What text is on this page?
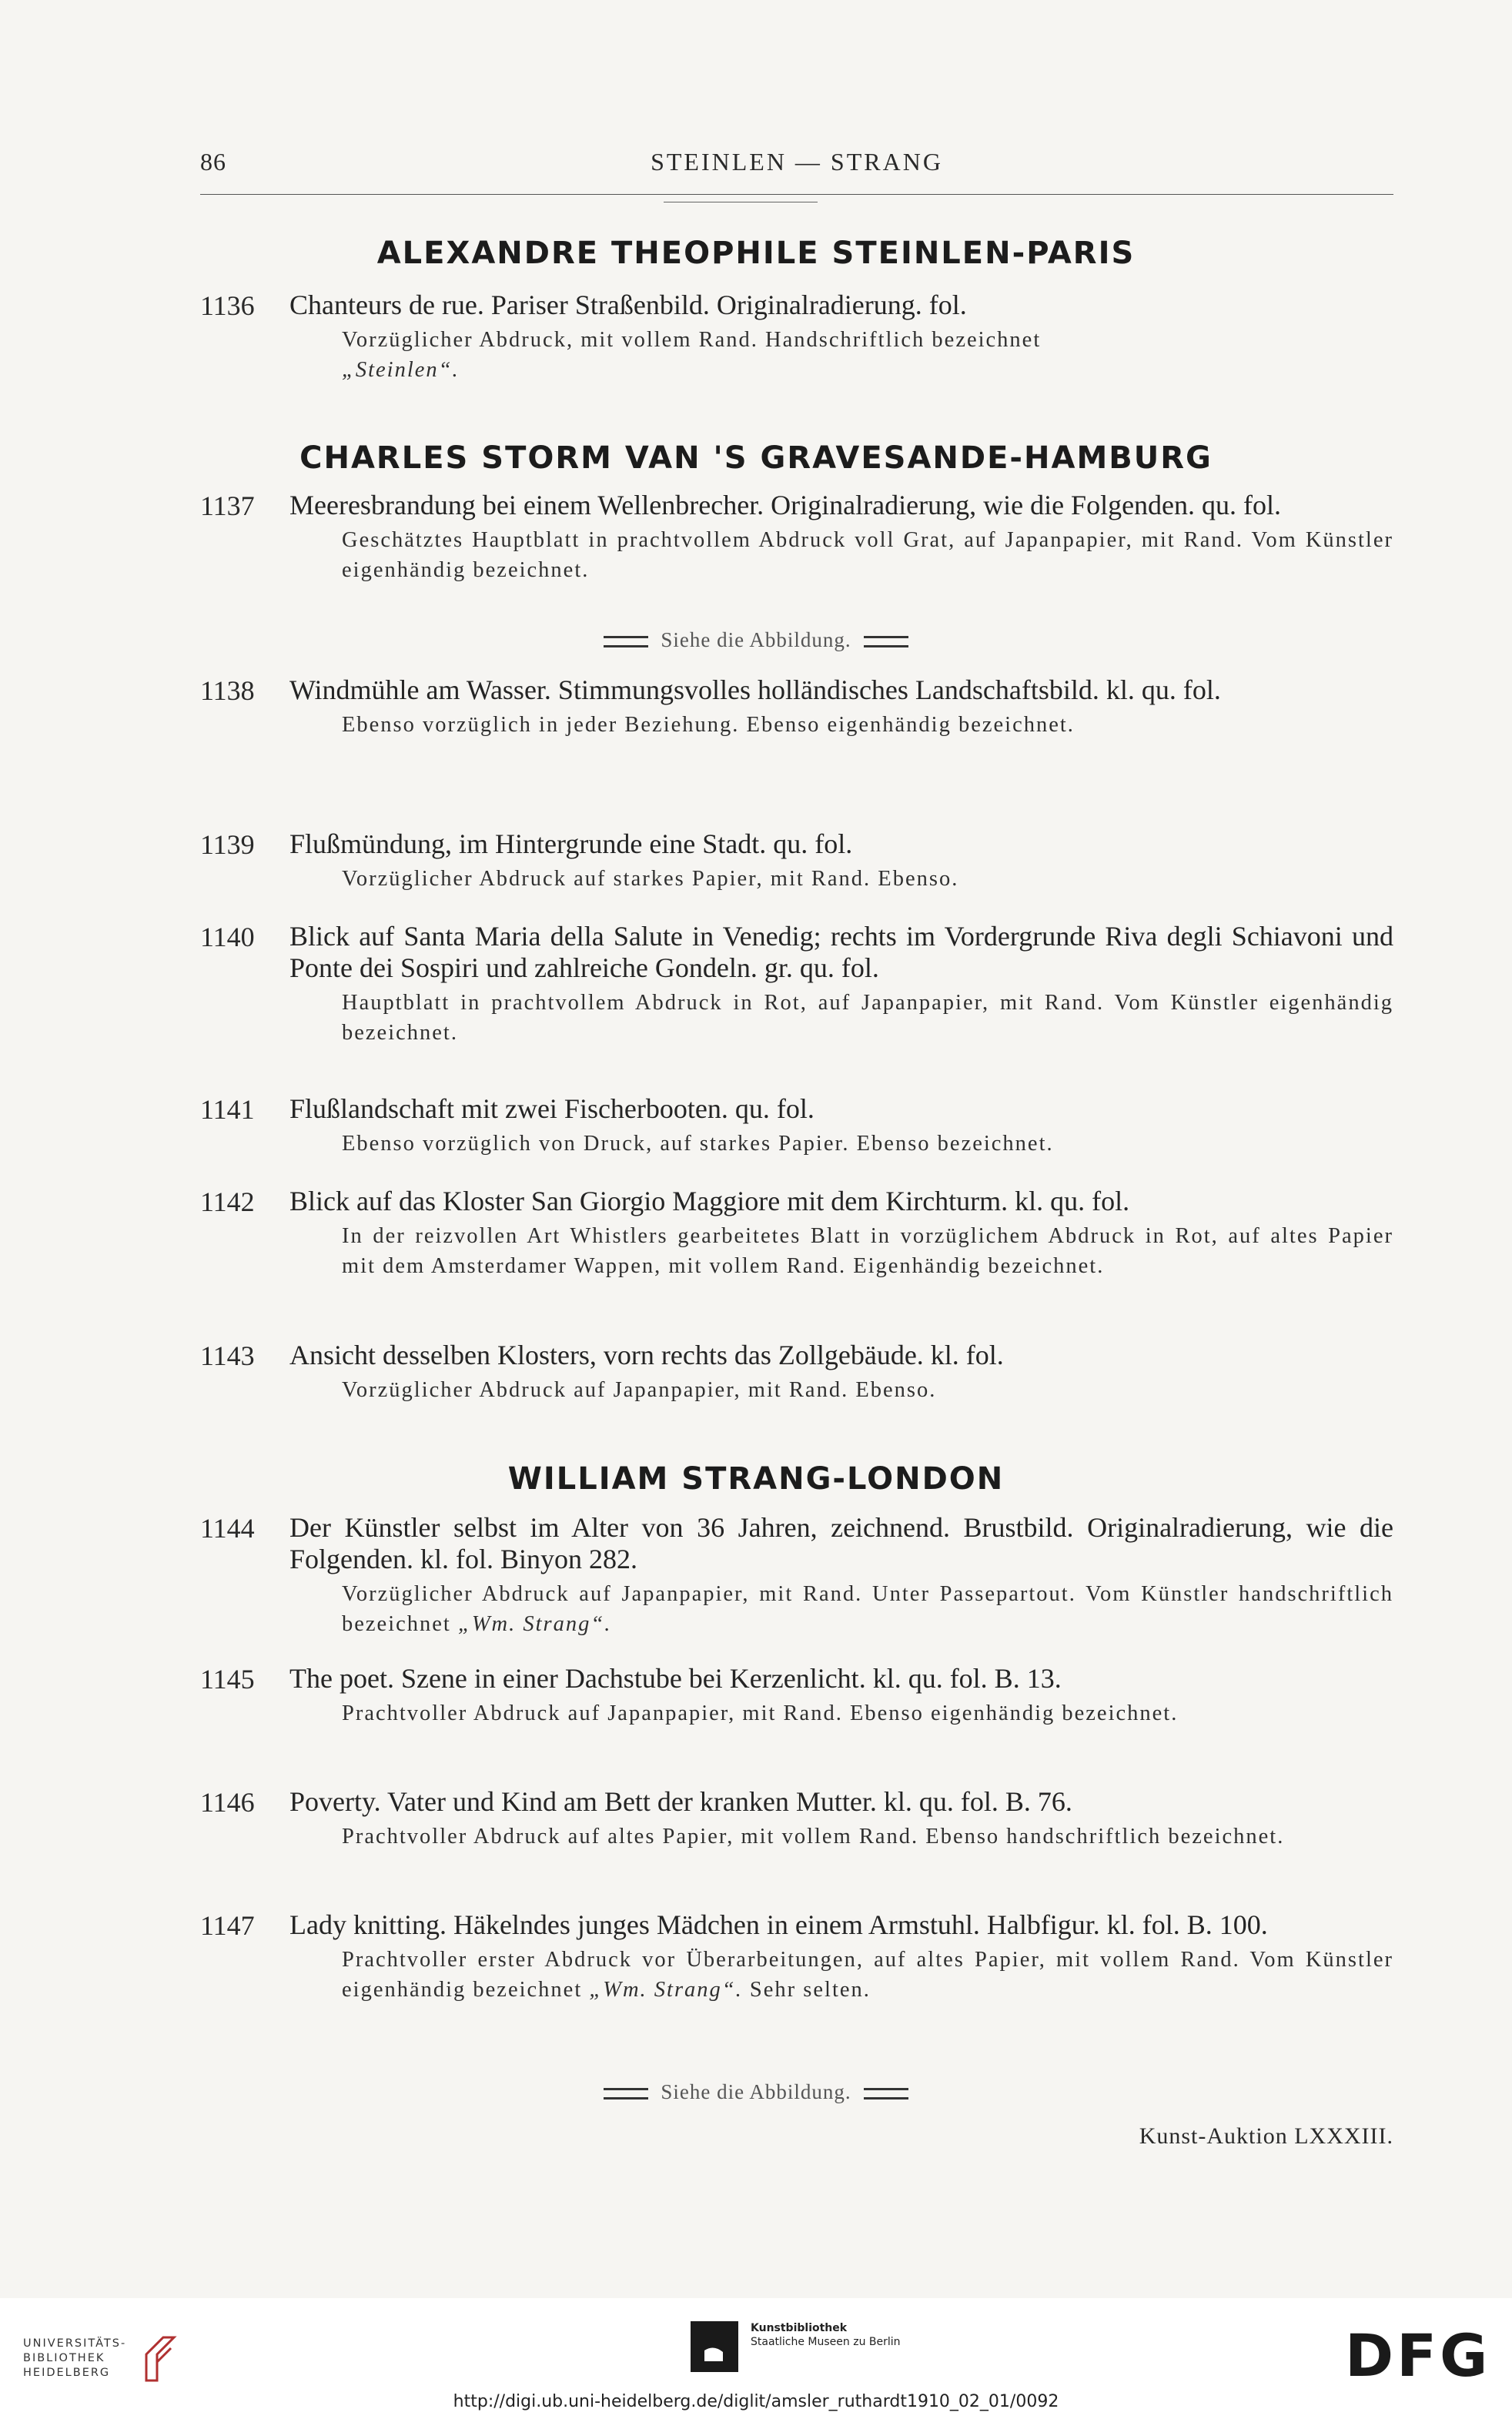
86	STEINLEN — STRANG
ALEXANDRE THEOPHILE STEINLEN-PARIS
1136 Chanteurs de rue. Pariser Straßenbild. Originalradierung. fol.
Vorzüglicher Abdruck, mit vollem Rand. Handschriftlich bezeichnet
„Steinlen“.
CHARLES STORM VAN 'S GRAVESANDE-HAMBURG
1137 Meeresbrandung bei einem Wellenbrecher. Originalradierung, wie die Folgenden. qu. fol.
Geschätztes Hauptblatt in prachtvollem Abdruck voll Grat, auf Japanpapier, mit Rand. Vom Künstler eigenhändig bezeichnet.
Siehe die Abbildung.
1138 Windmühle am Wasser. Stimmungsvolles holländisches Landschaftsbild. kl. qu. fol.
Ebenso vorzüglich in jeder Beziehung. Ebenso eigenhändig bezeichnet.
1139 Flußmündung, im Hintergrunde eine Stadt. qu. fol.
Vorzüglicher Abdruck auf starkes Papier, mit Rand. Ebenso.
1140 Blick auf Santa Maria della Salute in Venedig; rechts im Vordergrunde Riva degli Schiavoni und Ponte dei Sospiri und zahlreiche Gondeln. gr. qu. fol.
Hauptblatt in prachtvollem Abdruck in Rot, auf Japanpapier, mit Rand. Vom Künstler eigenhändig bezeichnet.
1141 Flußlandschaft mit zwei Fischerbooten. qu. fol.
Ebenso vorzüglich von Druck, auf starkes Papier. Ebenso bezeichnet.
1142 Blick auf das Kloster San Giorgio Maggiore mit dem Kirchturm. kl. qu. fol.
In der reizvollen Art Whistlers gearbeitetes Blatt in vorzüglichem Abdruck in Rot, auf altes Papier mit dem Amsterdamer Wappen, mit vollem Rand. Eigenhändig bezeichnet.
1143 Ansicht desselben Klosters, vorn rechts das Zollgebäude. kl. fol.
Vorzüglicher Abdruck auf Japanpapier, mit Rand. Ebenso.
WILLIAM STRANG-LONDON
1144 Der Künstler selbst im Alter von 36 Jahren, zeichnend. Brustbild. Originalradierung, wie die Folgenden. kl. fol. Binyon 282.
Vorzüglicher Abdruck auf Japanpapier, mit Rand. Unter Passepartout. Vom Künstler handschriftlich bezeichnet „Wm. Strang“.
1145 The poet. Szene in einer Dachstube bei Kerzenlicht. kl. qu. fol. B. 13.
Prachtvoller Abdruck auf Japanpapier, mit Rand. Ebenso eigenhändig bezeichnet.
1146 Poverty. Vater und Kind am Bett der kranken Mutter. kl. qu. fol. B. 76.
Prachtvoller Abdruck auf altes Papier, mit vollem Rand. Ebenso handschriftlich bezeichnet.
1147 Lady knitting. Häkelndes junges Mädchen in einem Armstuhl. Halbfigur. kl. fol. B. 100.
Prachtvoller erster Abdruck vor Überarbeitungen, auf altes Papier, mit vollem Rand. Vom Künstler eigenhändig bezeichnet „Wm. Strang“. Sehr selten.
Siehe die Abbildung.
Kunst-Auktion LXXXIII.
UNIVERSITÄTS-
BIBLIOTHEK
HEIDELBERG
Kunstbibliothek
Staatliche Museen zu Berlin	DFG
http://digi.ub.uni-heidelberg.de/diglit/amsler_ruthardt1910_02_01/0092
